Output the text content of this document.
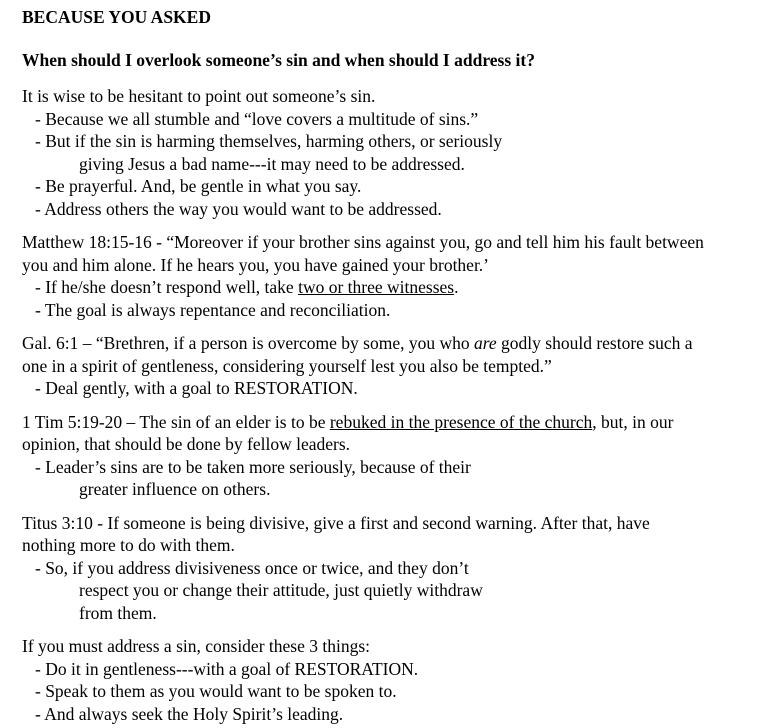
BECAUSE YOU ASKED
When should I overlook someone’s sin and when should I address it?
It is wise to be hesitant to point out someone’s sin.
- Because we all stumble and “love covers a multitude of sins.”
- But if the sin is harming themselves, harming others, or seriously
giving Jesus a bad name---it may need to be addressed.
- Be prayerful. And, be gentle in what you say.
- Address others the way you would want to be addressed.
Matthew 18:15-16 - “Moreover if your brother sins against you, go and tell him his fault between
you and him alone. If he hears you, you have gained your brother.’
- If he/she doesn’t respond well, take two or three witnesses.
- The goal is always repentance and reconciliation.
Gal. 6:1 – “Brethren, if a person is overcome by some, you who are godly should restore such a
one in a spirit of gentleness, considering yourself lest you also be tempted.”
- Deal gently, with a goal to RESTORATION.
1 Tim 5:19-20 – The sin of an elder is to be rebuked in the presence of the church, but, in our
opinion, that should be done by fellow leaders.
- Leader’s sins are to be taken more seriously, because of their
greater influence on others.
Titus 3:10 - If someone is being divisive, give a first and second warning. After that, have
nothing more to do with them.
- So, if you address divisiveness once or twice, and they don’t
respect you or change their attitude, just quietly withdraw
from them.
If you must address a sin, consider these 3 things:
- Do it in gentleness---with a goal of RESTORATION.
- Speak to them as you would want to be spoken to.
- And always seek the Holy Spirit’s leading.
